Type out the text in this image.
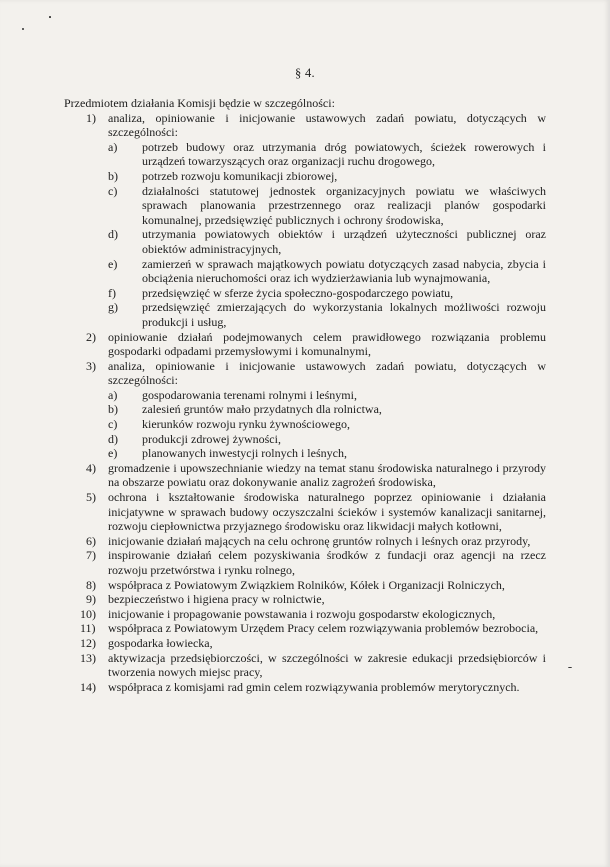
§ 4.
Przedmiotem działania Komisji będzie w szczególności:
1)	analiza, opiniowanie i inicjowanie ustawowych zadań powiatu, dotyczących w szczególności:
a)	potrzeb budowy oraz utrzymania dróg powiatowych, ścieżek rowerowych i urządzeń towarzyszących oraz organizacji ruchu drogowego,
b)	potrzeb rozwoju komunikacji zbiorowej,
c)	działalności statutowej jednostek organizacyjnych powiatu we właściwych sprawach planowania przestrzennego oraz realizacji planów gospodarki komunalnej, przedsięwzięć publicznych i ochrony środowiska,
d)	utrzymania powiatowych obiektów i urządzeń użyteczności publicznej oraz obiektów administracyjnych,
e)	zamierzeń w sprawach majątkowych powiatu dotyczących zasad nabycia, zbycia i obciążenia nieruchomości oraz ich wydzierżawiania lub wynajmowania,
f)	przedsięwzięć w sferze życia społeczno-gospodarczego powiatu,
g)	przedsięwzięć zmierzających do wykorzystania lokalnych możliwości rozwoju produkcji i usług,
2)	opiniowanie działań podejmowanych celem prawidłowego rozwiązania problemu gospodarki odpadami przemysłowymi i komunalnymi,
3)	analiza, opiniowanie i inicjowanie ustawowych zadań powiatu, dotyczących w szczególności:
a)	gospodarowania terenami rolnymi i leśnymi,
b)	zalesień gruntów mało przydatnych dla rolnictwa,
c)	kierunków rozwoju rynku żywnościowego,
d)	produkcji zdrowej żywności,
e)	planowanych inwestycji rolnych i leśnych,
4)	gromadzenie i upowszechnianie wiedzy na temat stanu środowiska naturalnego i przyrody na obszarze powiatu oraz dokonywanie analiz zagrożeń środowiska,
5)	ochrona i kształtowanie środowiska naturalnego poprzez opiniowanie i działania inicjatywne w sprawach budowy oczyszczalni ścieków i systemów kanalizacji sanitarnej, rozwoju ciepłownictwa przyjaznego środowisku oraz likwidacji małych kotłowni,
6)	inicjowanie działań mających na celu ochronę gruntów rolnych i leśnych oraz przyrody,
7)	inspirowanie działań celem pozyskiwania środków z fundacji oraz agencji na rzecz rozwoju przetwórstwa i rynku rolnego,
8)	współpraca z Powiatowym Związkiem Rolników, Kółek i Organizacji Rolniczych,
9)	bezpieczeństwo i higiena pracy w rolnictwie,
10)	inicjowanie i propagowanie powstawania i rozwoju gospodarstw ekologicznych,
11)	współpraca z Powiatowym Urzędem Pracy celem rozwiązywania problemów bezrobocia,
12)	gospodarka łowiecka,
13)	aktywizacja przedsiębiorczości, w szczególności w zakresie edukacji przedsiębiorców i tworzenia nowych miejsc pracy,
14)	współpraca z komisjami rad gmin celem rozwiązywania problemów merytorycznych.
